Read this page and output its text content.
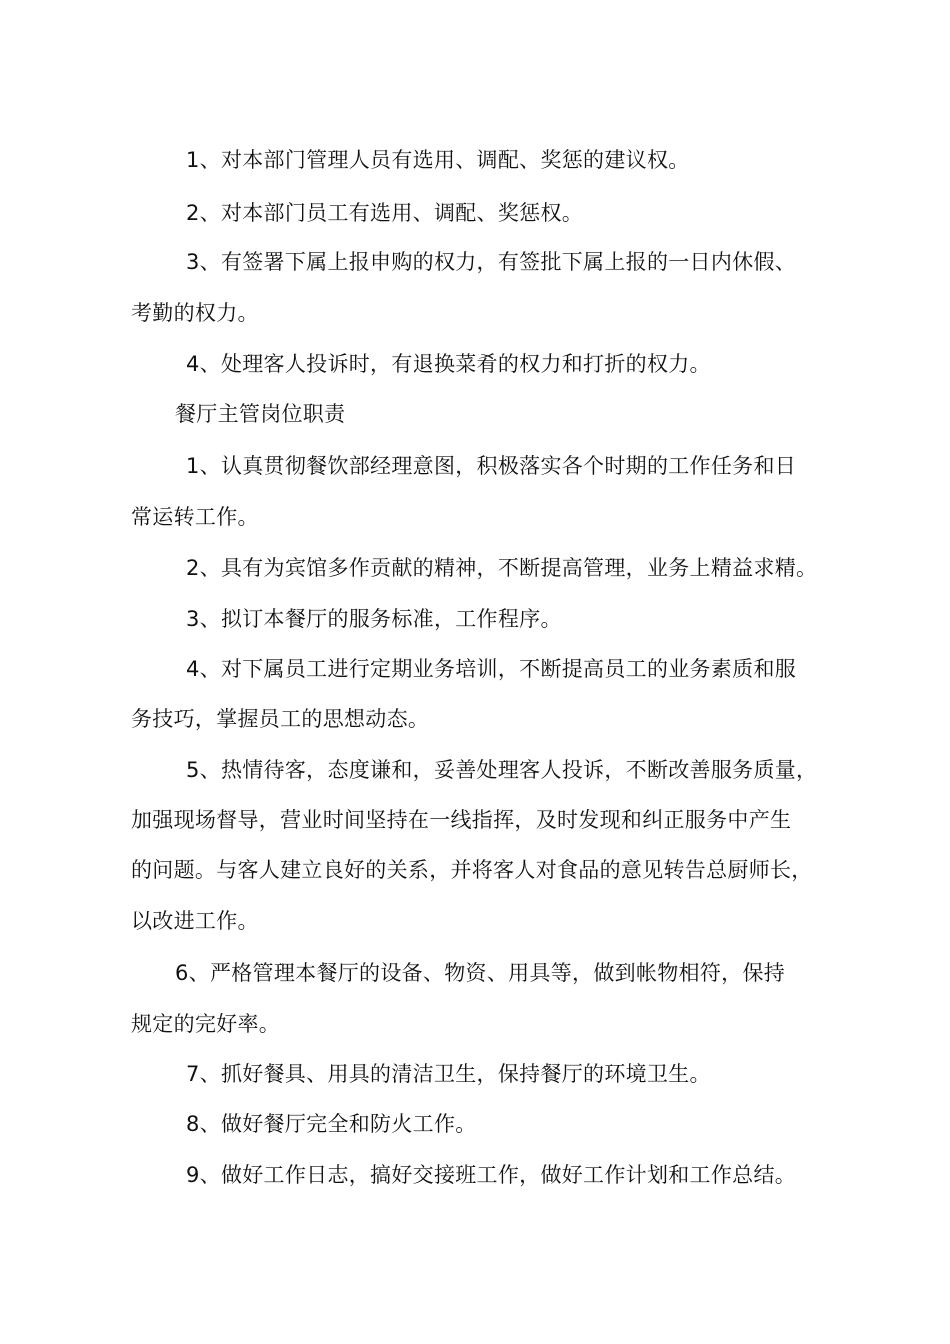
1、对本部门管理人员有选用、调配、奖惩的建议权。
2、对本部门员工有选用、调配、奖惩权。
3、有签署下属上报申购的权力，有签批下属上报的一日内休假、
考勤的权力。
4、处理客人投诉时，有退换菜肴的权力和打折的权力。
餐厅主管岗位职责
1、认真贯彻餐饮部经理意图，积极落实各个时期的工作任务和日
常运转工作。
2、具有为宾馆多作贡献的精神，不断提高管理，业务上精益求精。
3、拟订本餐厅的服务标准，工作程序。
4、对下属员工进行定期业务培训，不断提高员工的业务素质和服
务技巧，掌握员工的思想动态。
5、热情待客，态度谦和，妥善处理客人投诉，不断改善服务质量，
加强现场督导，营业时间坚持在一线指挥，及时发现和纠正服务中产生
的问题。与客人建立良好的关系，并将客人对食品的意见转告总厨师长，
以改进工作。
6、严格管理本餐厅的设备、物资、用具等，做到帐物相符，保持
规定的完好率。
7、抓好餐具、用具的清洁卫生，保持餐厅的环境卫生。
8、做好餐厅完全和防火工作。
9、做好工作日志，搞好交接班工作，做好工作计划和工作总结。
